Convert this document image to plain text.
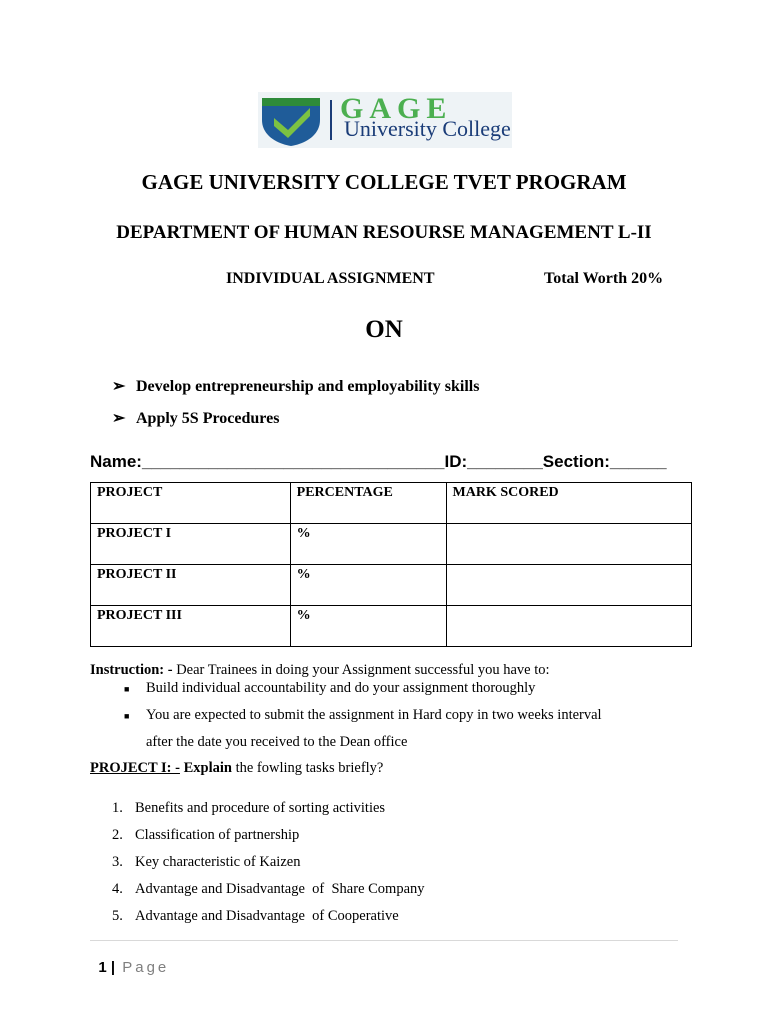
GAGE
University College
GAGE UNIVERSITY COLLEGE TVET PROGRAM
DEPARTMENT OF HUMAN RESOURSE MANAGEMENT L-II
INDIVIDUAL ASSIGNMENT	Total Worth 20%
ON
➢ Develop entrepreneurship and employability skills
➢ Apply 5S Procedures
Name:________________________________ID:________Section:______
PROJECT	PERCENTAGE	MARK SCORED
PROJECT I	%	
PROJECT II	%	
PROJECT III	%	
Instruction: - Dear Trainees in doing your Assignment successful you have to:
■ Build individual accountability and do your assignment thoroughly
■ You are expected to submit the assignment in Hard copy in two weeks interval
after the date you received to the Dean office
PROJECT I: - Explain the fowling tasks briefly?
1. Benefits and procedure of sorting activities
2. Classification of partnership
3. Key characteristic of Kaizen
4. Advantage and Disadvantage  of  Share Company
5. Advantage and Disadvantage  of Cooperative

1 | Page
